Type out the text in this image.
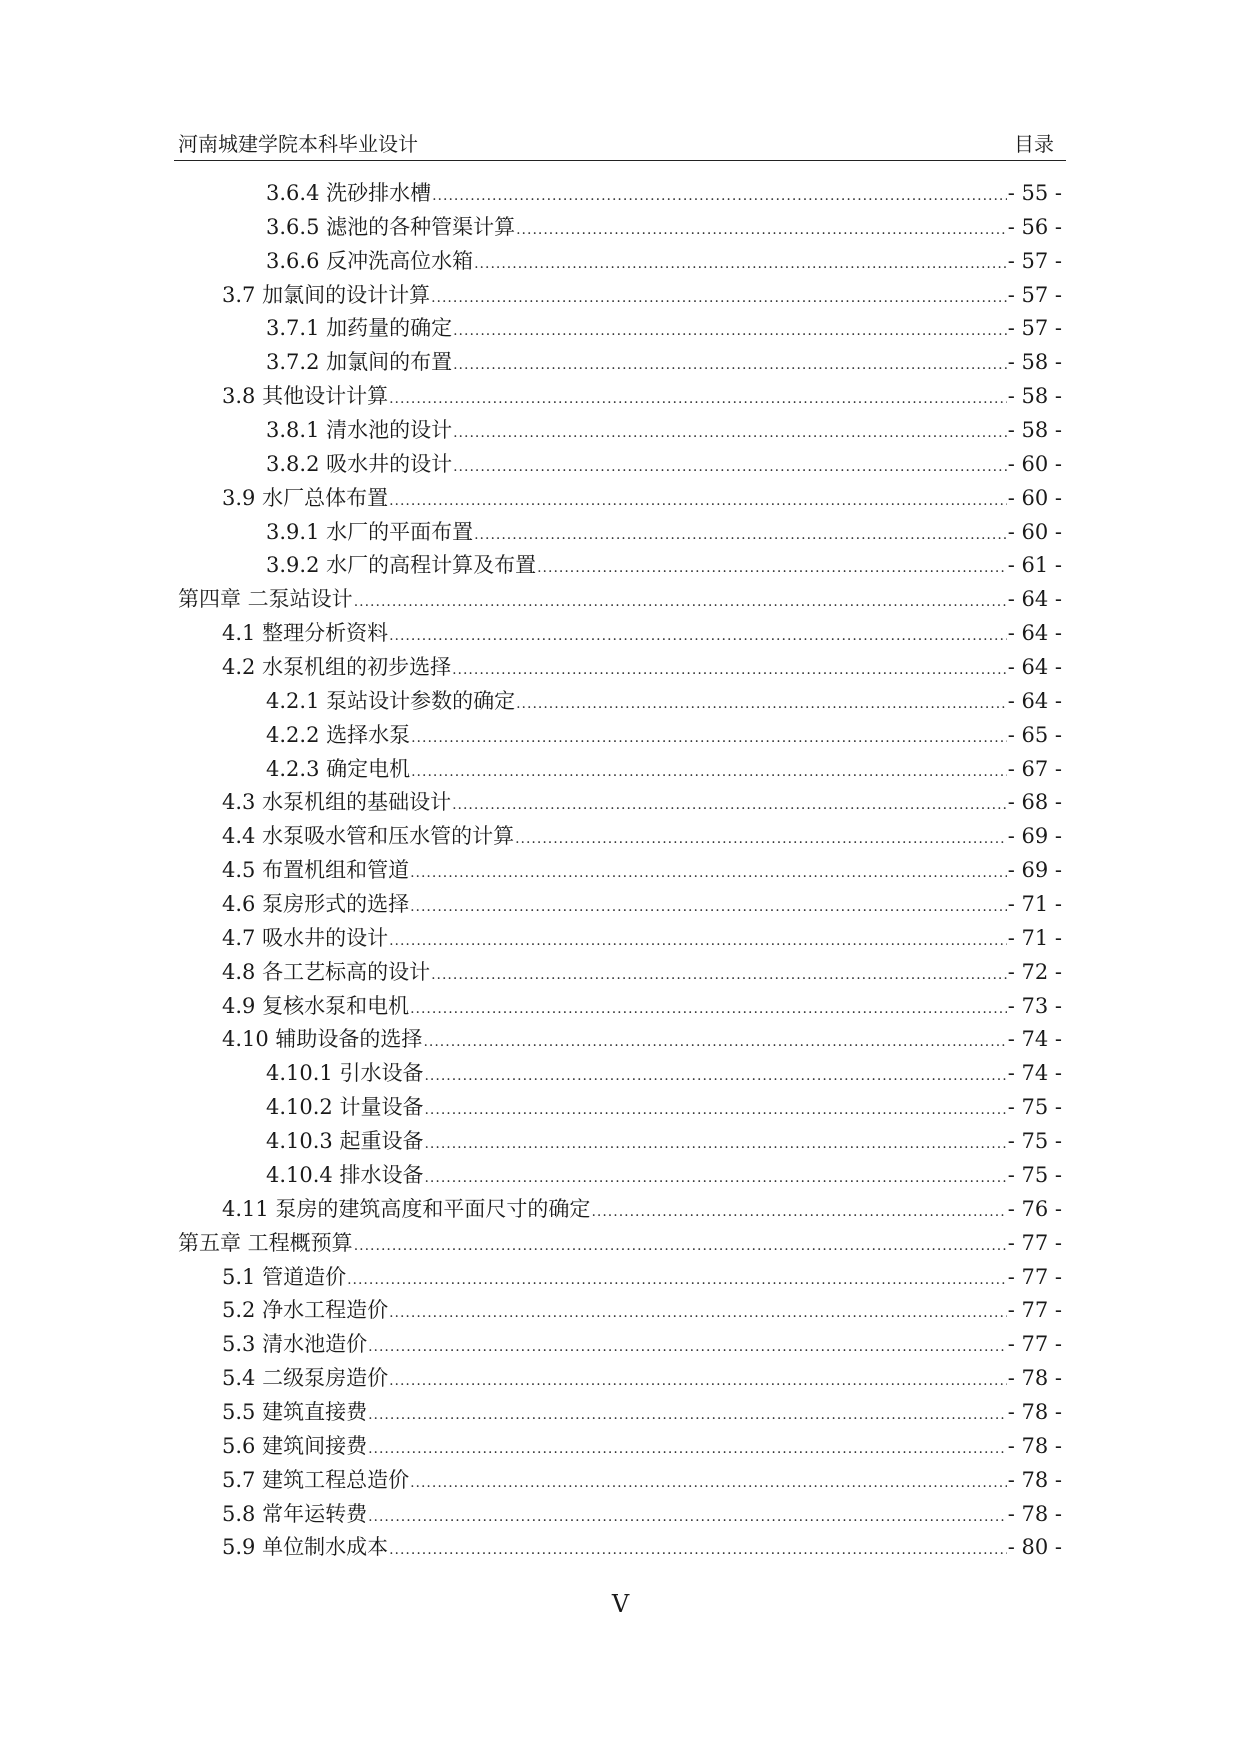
河南城建学院本科毕业设计	目录
3.6.4 洗砂排水槽 .....	- 55 -
3.6.5 滤池的各种管渠计算 .....	- 56 -
3.6.6 反冲洗高位水箱 .....	- 57 -
3.7 加氯间的设计计算 .....	- 57 -
3.7.1 加药量的确定 .....	- 57 -
3.7.2 加氯间的布置 .....	- 58 -
3.8 其他设计计算 .....	- 58 -
3.8.1 清水池的设计 .....	- 58 -
3.8.2 吸水井的设计 .....	- 60 -
3.9 水厂总体布置 .....	- 60 -
3.9.1 水厂的平面布置 .....	- 60 -
3.9.2 水厂的高程计算及布置 .....	- 61 -
第四章 二泵站设计 .....	- 64 -
4.1 整理分析资料 .....	- 64 -
4.2 水泵机组的初步选择 .....	- 64 -
4.2.1 泵站设计参数的确定 .....	- 64 -
4.2.2 选择水泵 .....	- 65 -
4.2.3 确定电机 .....	- 67 -
4.3 水泵机组的基础设计 .....	- 68 -
4.4 水泵吸水管和压水管的计算 .....	- 69 -
4.5 布置机组和管道 .....	- 69 -
4.6 泵房形式的选择 .....	- 71 -
4.7 吸水井的设计 .....	- 71 -
4.8 各工艺标高的设计 .....	- 72 -
4.9 复核水泵和电机 .....	- 73 -
4.10 辅助设备的选择 .....	- 74 -
4.10.1 引水设备 .....	- 74 -
4.10.2 计量设备 .....	- 75 -
4.10.3 起重设备 .....	- 75 -
4.10.4 排水设备 .....	- 75 -
4.11 泵房的建筑高度和平面尺寸的确定 .....	- 76 -
第五章 工程概预算 .....	- 77 -
5.1 管道造价 .....	- 77 -
5.2 净水工程造价 .....	- 77 -
5.3 清水池造价 .....	- 77 -
5.4 二级泵房造价 .....	- 78 -
5.5 建筑直接费 .....	- 78 -
5.6 建筑间接费 .....	- 78 -
5.7 建筑工程总造价 .....	- 78 -
5.8 常年运转费 .....	- 78 -
5.9 单位制水成本 .....	- 80 -
V
